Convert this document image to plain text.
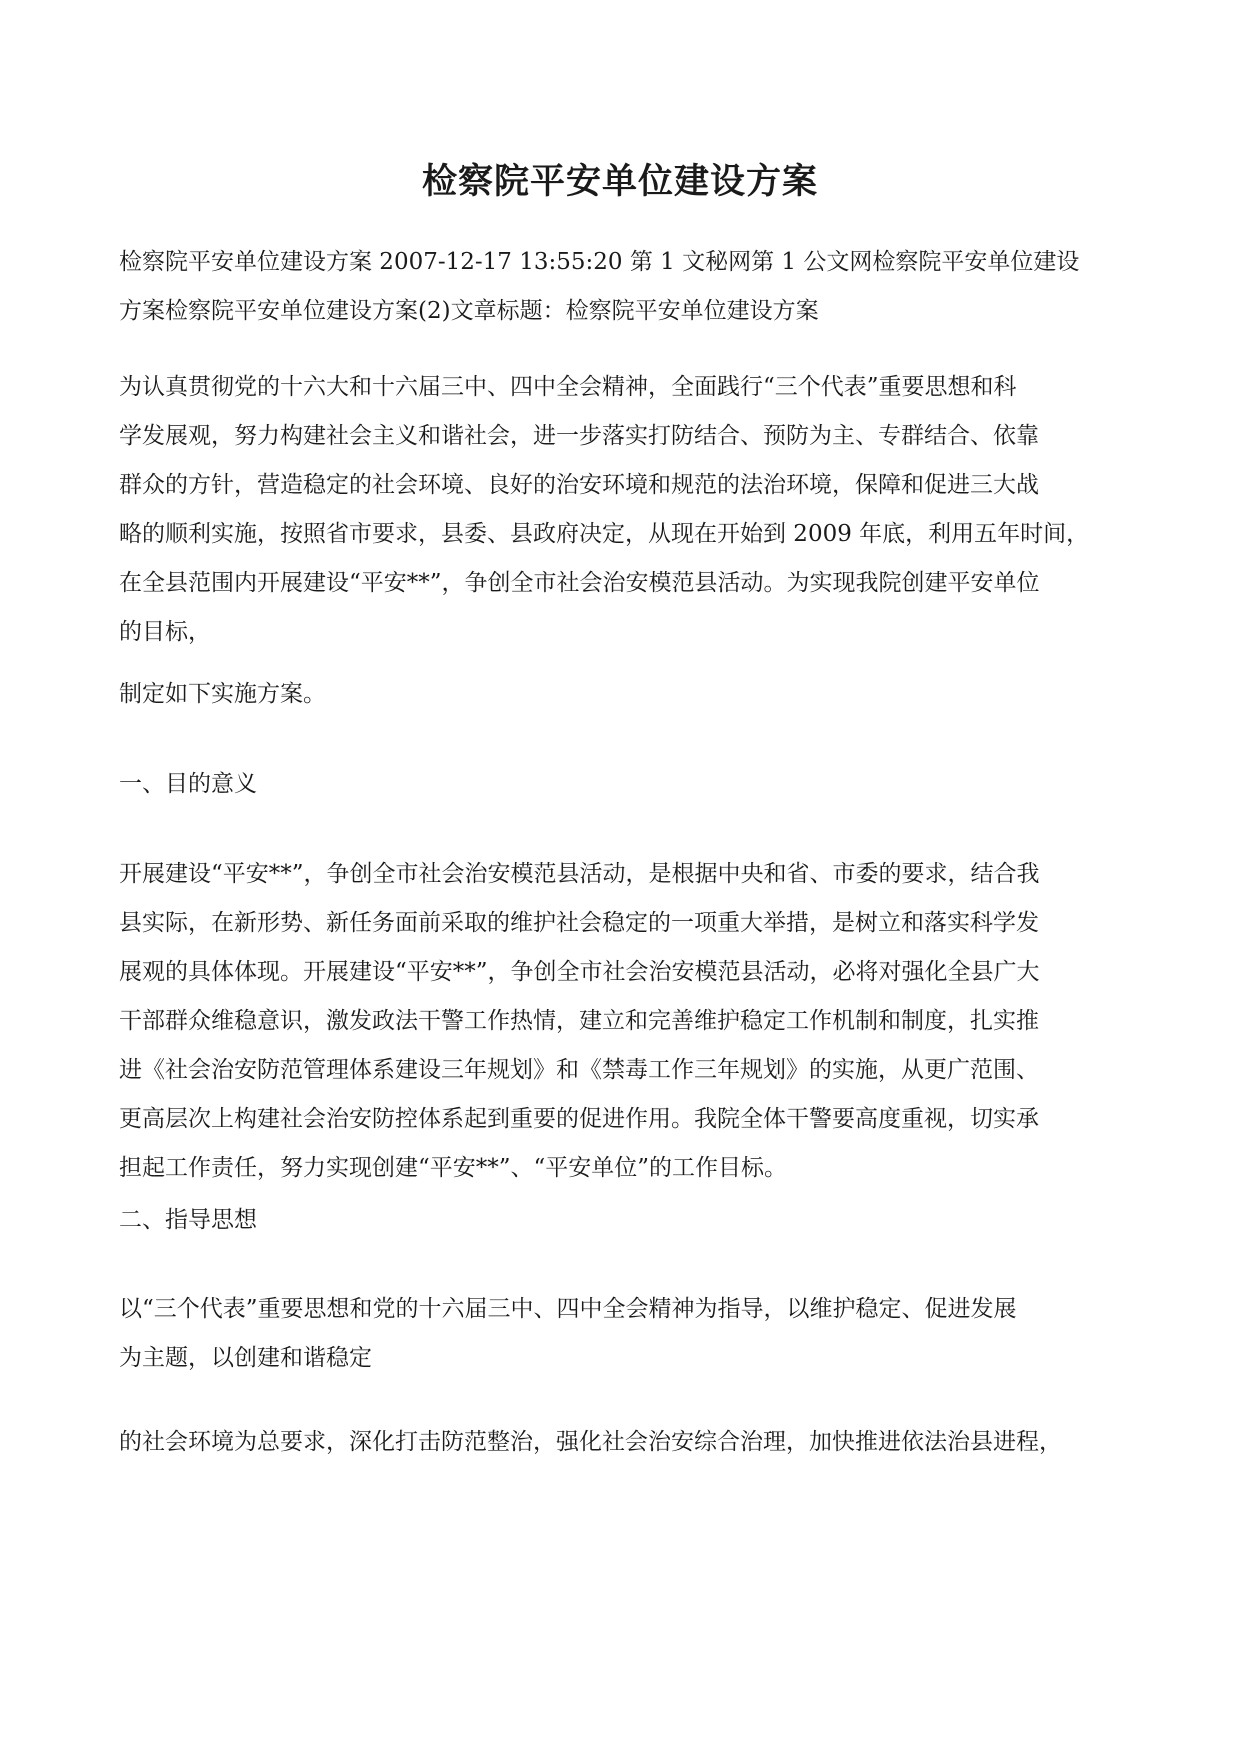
检察院平安单位建设方案

检察院平安单位建设方案 2007-12-17 13:55:20 第 1 文秘网第 1 公文网检察院平安单位建设
方案检察院平安单位建设方案(2)文章标题：检察院平安单位建设方案

为认真贯彻党的十六大和十六届三中、四中全会精神，全面践行“三个代表”重要思想和科
学发展观，努力构建社会主义和谐社会，进一步落实打防结合、预防为主、专群结合、依靠
群众的方针，营造稳定的社会环境、良好的治安环境和规范的法治环境，保障和促进三大战
略的顺利实施，按照省市要求，县委、县政府决定，从现在开始到 2009 年底，利用五年时间，
在全县范围内开展建设“平安**”，争创全市社会治安模范县活动。为实现我院创建平安单位
的目标，

制定如下实施方案。

一、目的意义

开展建设“平安**”，争创全市社会治安模范县活动，是根据中央和省、市委的要求，结合我
县实际，在新形势、新任务面前采取的维护社会稳定的一项重大举措，是树立和落实科学发
展观的具体体现。开展建设“平安**”，争创全市社会治安模范县活动，必将对强化全县广大
干部群众维稳意识，激发政法干警工作热情，建立和完善维护稳定工作机制和制度，扎实推
进《社会治安防范管理体系建设三年规划》和《禁毒工作三年规划》的实施，从更广范围、
更高层次上构建社会治安防控体系起到重要的促进作用。我院全体干警要高度重视，切实承
担起工作责任，努力实现创建“平安**”、“平安单位”的工作目标。

二、指导思想

以“三个代表”重要思想和党的十六届三中、四中全会精神为指导，以维护稳定、促进发展
为主题，以创建和谐稳定

的社会环境为总要求，深化打击防范整治，强化社会治安综合治理，加快推进依法治县进程，
